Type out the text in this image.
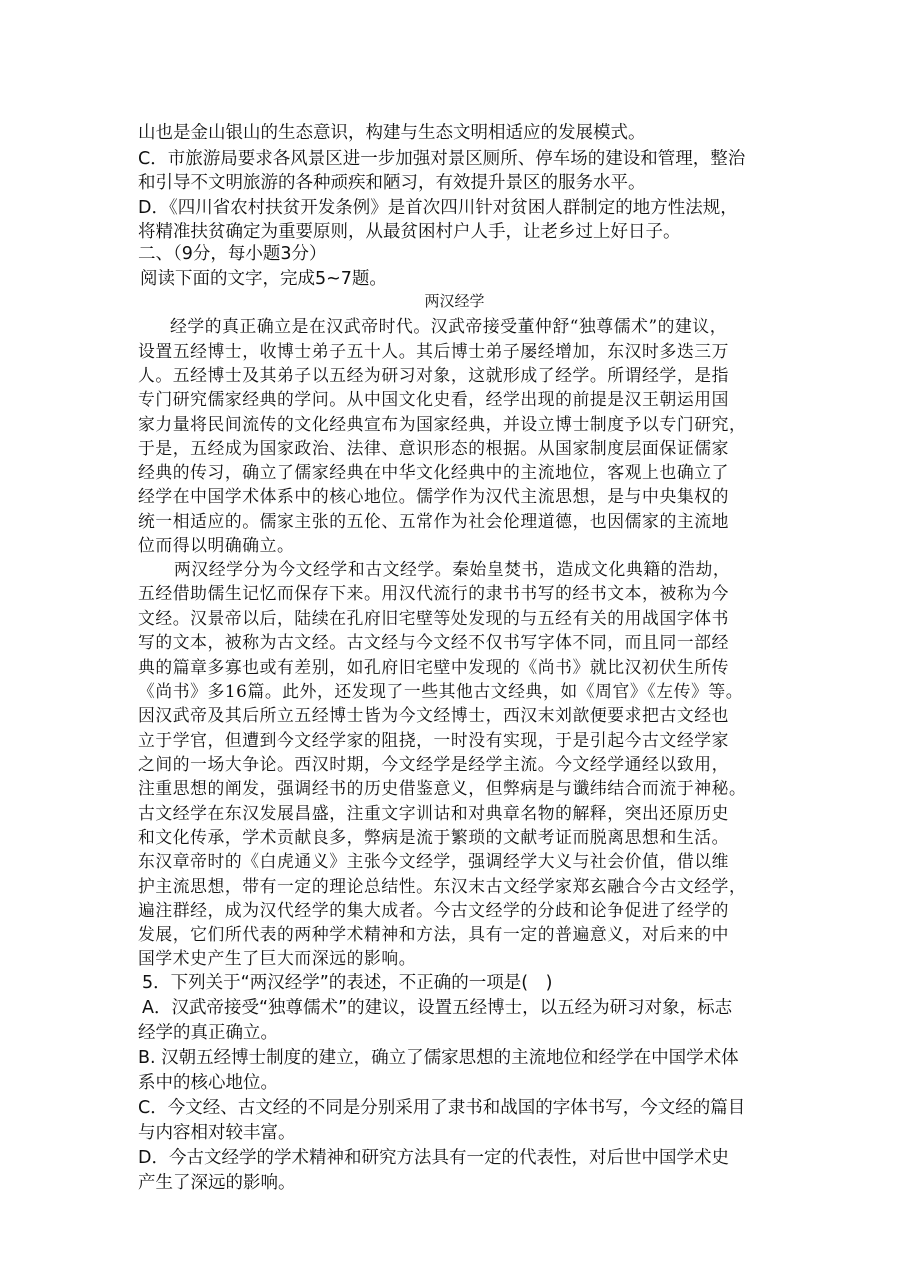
山也是金山银山的生态意识，构建与生态文明相适应的发展模式。
C．市旅游局要求各风景区进一步加强对景区厕所、停车场的建设和管理，整治
和引导不文明旅游的各种顽疾和陋习，有效提升景区的服务水平。
D．《四川省农村扶贫开发条例》是首次四川针对贫困人群制定的地方性法规，
将精准扶贫确定为重要原则，从最贫困村户人手，让老乡过上好日子。
二、（9分，每小题3分）
阅读下面的文字，完成5~7题。
两汉经学
经学的真正确立是在汉武帝时代。汉武帝接受董仲舒“独尊儒术”的建议，
设置五经博士，收博士弟子五十人。其后博士弟子屡经增加，东汉时多迭三万
人。五经博士及其弟子以五经为研习对象，这就形成了经学。所谓经学，是指
专门研究儒家经典的学问。从中国文化史看，经学出现的前提是汉王朝运用国
家力量将民间流传的文化经典宣布为国家经典，并设立博士制度予以专门研究，
于是，五经成为国家政治、法律、意识形态的根据。从国家制度层面保证儒家
经典的传习，确立了儒家经典在中华文化经典中的主流地位，客观上也确立了
经学在中国学术体系中的核心地位。儒学作为汉代主流思想，是与中央集权的
统一相适应的。儒家主张的五伦、五常作为社会伦理道德，也因儒家的主流地
位而得以明确确立。
两汉经学分为今文经学和古文经学。秦始皇焚书，造成文化典籍的浩劫，
五经借助儒生记忆而保存下来。用汉代流行的隶书书写的经书文本，被称为今
文经。汉景帝以后，陆续在孔府旧宅壁等处发现的与五经有关的用战国字体书
写的文本，被称为古文经。古文经与今文经不仅书写字体不同，而且同一部经
典的篇章多寡也或有差别，如孔府旧宅壁中发现的《尚书》就比汉初伏生所传
《尚书》多16篇。此外，还发现了一些其他古文经典，如《周官》《左传》等。
因汉武帝及其后所立五经博士皆为今文经博士，西汉末刘歆便要求把古文经也
立于学官，但遭到今文经学家的阻挠，一时没有实现，于是引起今古文经学家
之间的一场大争论。西汉时期，今文经学是经学主流。今文经学通经以致用，
注重思想的阐发，强调经书的历史借鉴意义，但弊病是与谶纬结合而流于神秘。
古文经学在东汉发展昌盛，注重文字训诂和对典章名物的解释，突出还原历史
和文化传承，学术贡献良多，弊病是流于繁琐的文献考证而脱离思想和生活。
东汉章帝时的《白虎通义》主张今文经学，强调经学大义与社会价值，借以维
护主流思想，带有一定的理论总结性。东汉末古文经学家郑玄融合今古文经学，
遍注群经，成为汉代经学的集大成者。今古文经学的分歧和论争促进了经学的
发展，它们所代表的两种学术精神和方法，具有一定的普遍意义，对后来的中
国学术史产生了巨大而深远的影响。
5．下列关于“两汉经学”的表述，不正确的一项是(　)
A．汉武帝接受“独尊儒术”的建议，设置五经博士，以五经为研习对象，标志
经学的真正确立。
B. 汉朝五经博士制度的建立，确立了儒家思想的主流地位和经学在中国学术体
系中的核心地位。
C．今文经、古文经的不同是分别采用了隶书和战国的字体书写，今文经的篇目
与内容相对较丰富。
D．今古文经学的学术精神和研究方法具有一定的代表性，对后世中国学术史
产生了深远的影响。
